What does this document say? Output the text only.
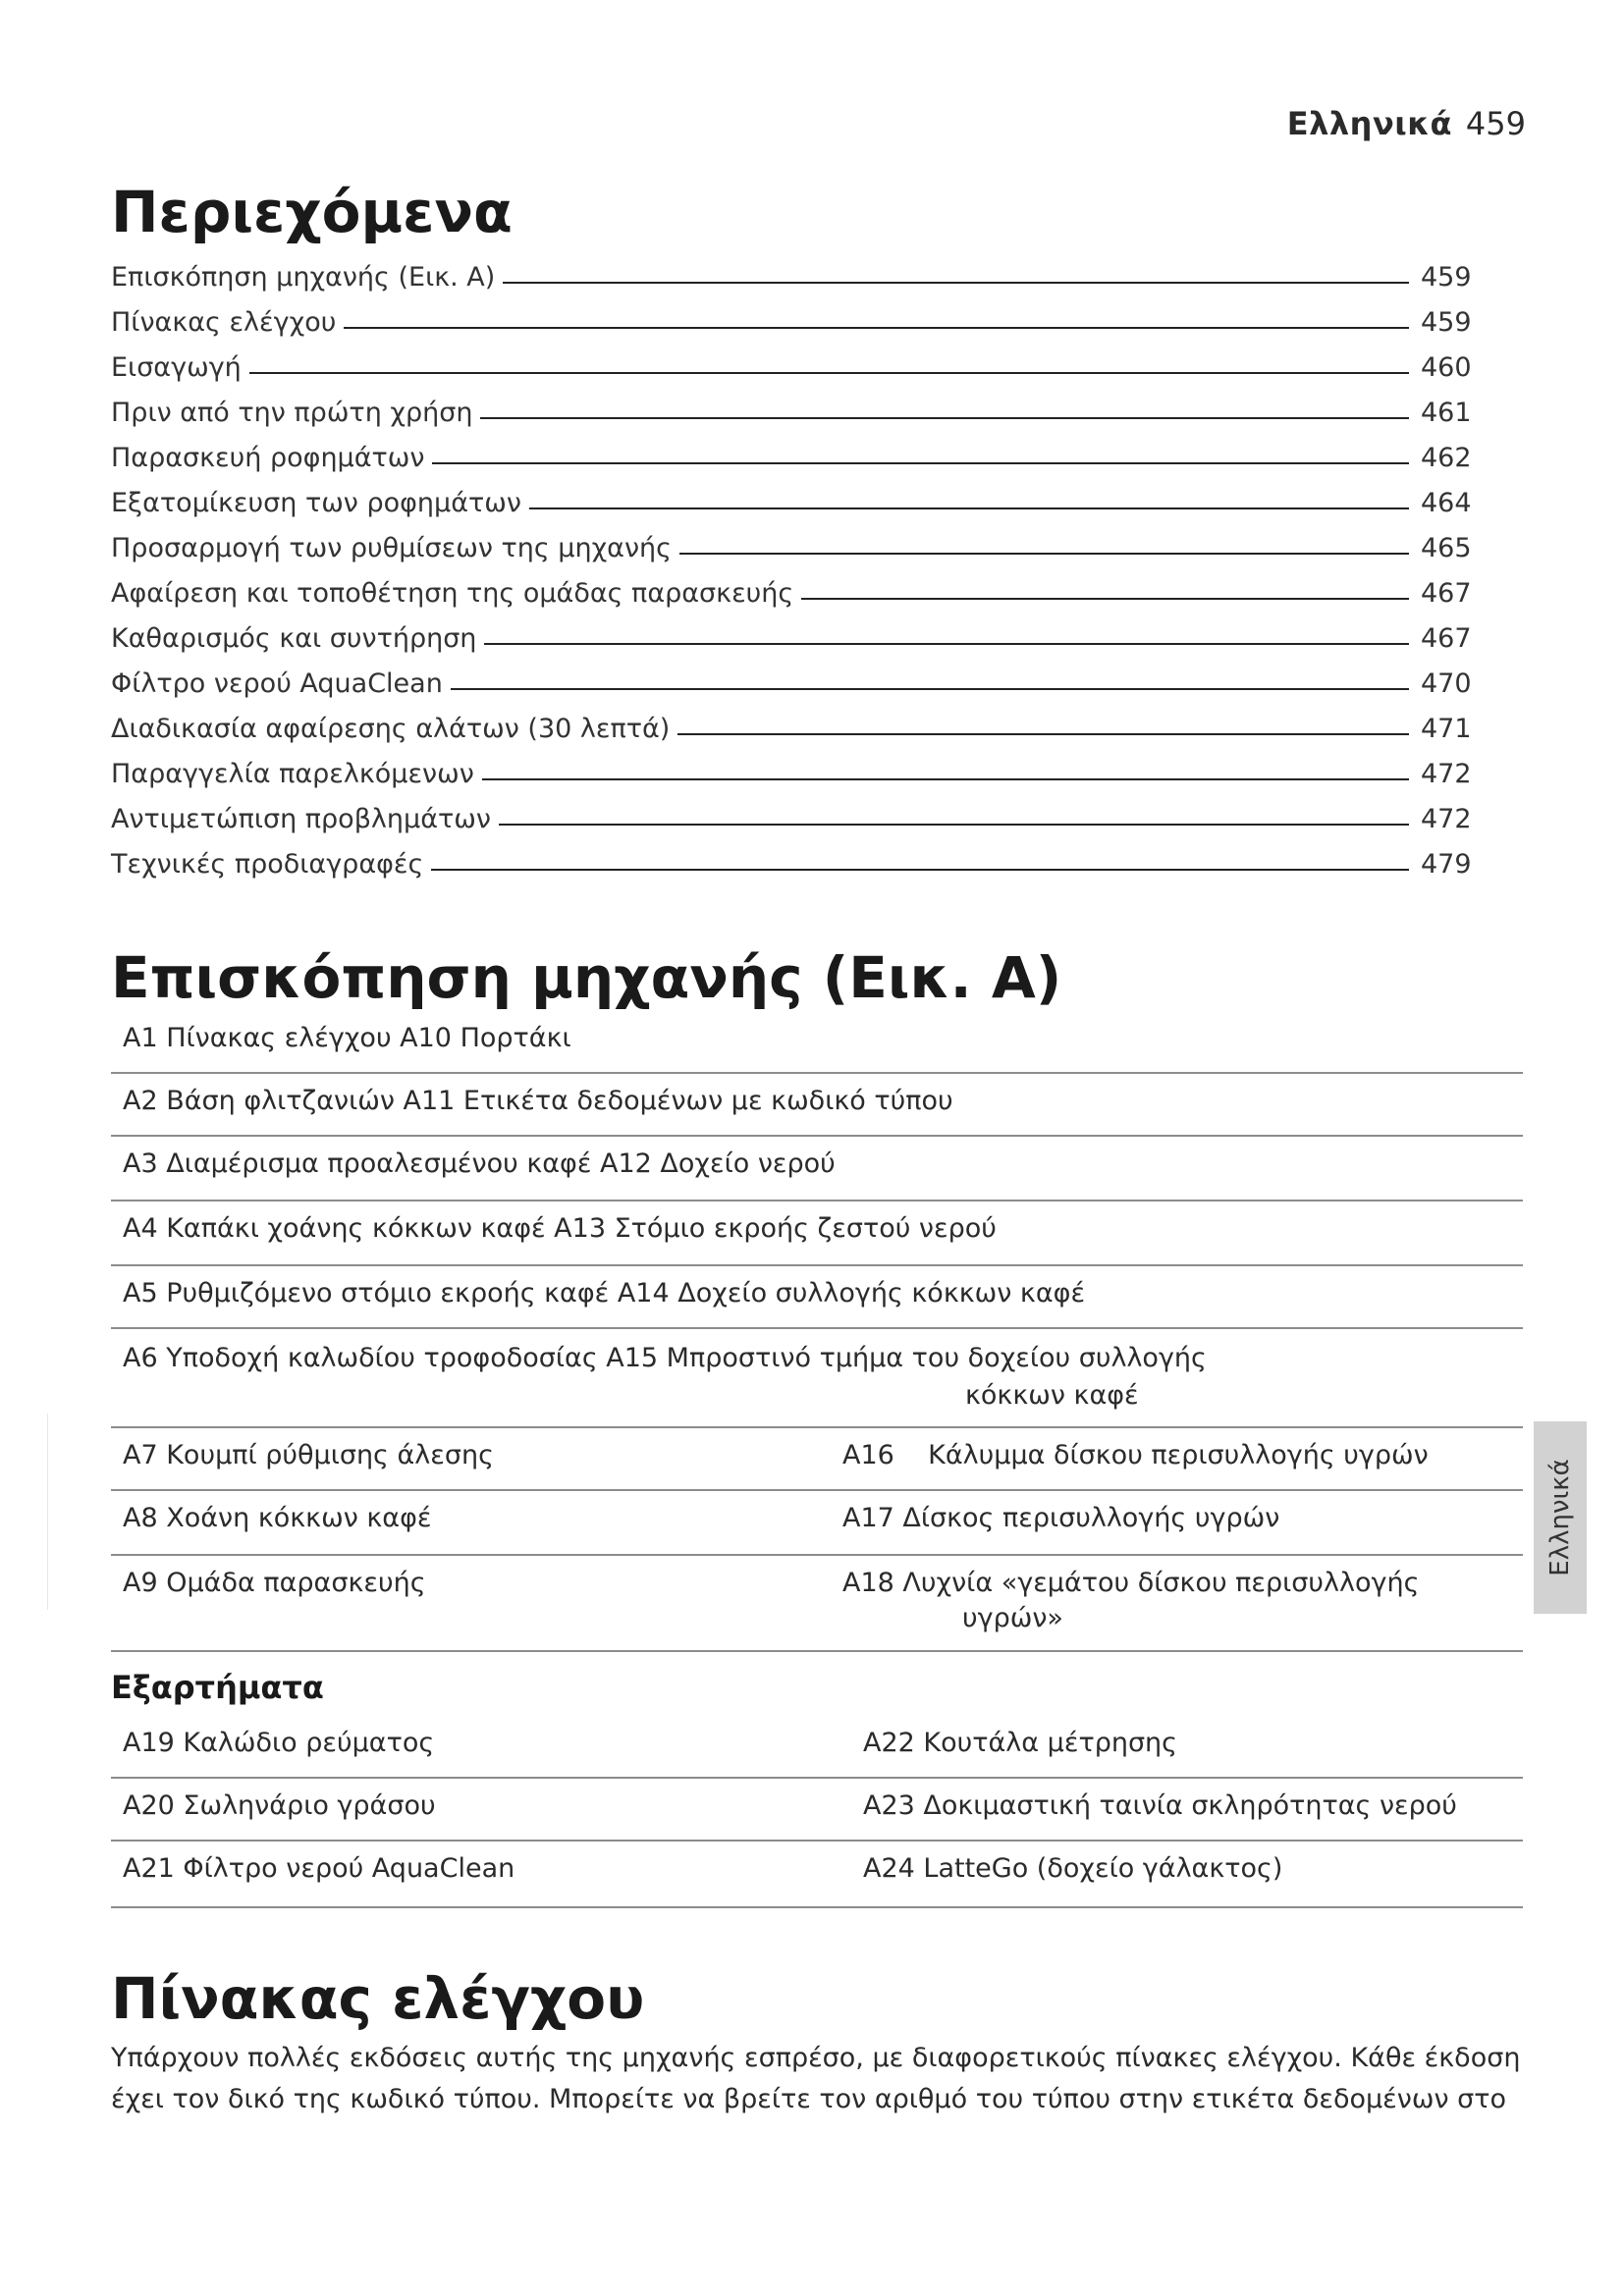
Ελληνικά 459
Περιεχόμενα
Επισκόπηση μηχανής (Εικ. A)	459
Πίνακας ελέγχου	459
Εισαγωγή	460
Πριν από την πρώτη χρήση	461
Παρασκευή ροφημάτων	462
Εξατομίκευση των ροφημάτων	464
Προσαρμογή των ρυθμίσεων της μηχανής	465
Αφαίρεση και τοποθέτηση της ομάδας παρασκευής	467
Καθαρισμός και συντήρηση	467
Φίλτρο νερού AquaClean	470
Διαδικασία αφαίρεσης αλάτων (30 λεπτά)	471
Παραγγελία παρελκόμενων	472
Αντιμετώπιση προβλημάτων	472
Τεχνικές προδιαγραφές	479
Επισκόπηση μηχανής (Εικ. A)
A1 Πίνακας ελέγχου A10 Πορτάκι
A2 Βάση φλιτζανιών A11 Ετικέτα δεδομένων με κωδικό τύπου
A3 Διαμέρισμα προαλεσμένου καφέ A12 Δοχείο νερού
A4 Καπάκι χοάνης κόκκων καφέ A13 Στόμιο εκροής ζεστού νερού
A5 Ρυθμιζόμενο στόμιο εκροής καφέ A14 Δοχείο συλλογής κόκκων καφέ
A6 Υποδοχή καλωδίου τροφοδοσίας A15 Μπροστινό τμήμα του δοχείου συλλογής
κόκκων καφέ
A7 Κουμπί ρύθμισης άλεσης	A16    Κάλυμμα δίσκου περισυλλογής υγρών
A8 Χοάνη κόκκων καφέ	A17 Δίσκος περισυλλογής υγρών
A9 Ομάδα παρασκευής	A18 Λυχνία «γεμάτου δίσκου περισυλλογής
υγρών»
Εξαρτήματα
A19 Καλώδιο ρεύματος	A22 Κουτάλα μέτρησης
A20 Σωληνάριο γράσου	A23 Δοκιμαστική ταινία σκληρότητας νερού
A21 Φίλτρο νερού AquaClean	A24 LatteGo (δοχείο γάλακτος)
Πίνακας ελέγχου
Υπάρχουν πολλές εκδόσεις αυτής της μηχανής εσπρέσο, με διαφορετικούς πίνακες ελέγχου. Κάθε έκδοση
έχει τον δικό της κωδικό τύπου. Μπορείτε να βρείτε τον αριθμό του τύπου στην ετικέτα δεδομένων στο
Ελληνικά
